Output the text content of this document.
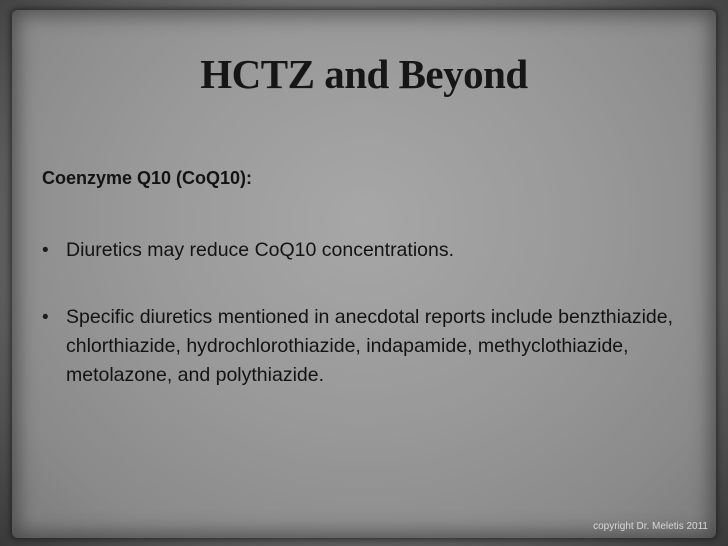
HCTZ and Beyond
Coenzyme Q10 (CoQ10):
• Diuretics may reduce CoQ10 concentrations.
• Specific diuretics mentioned in anecdotal reports include benzthiazide, chlorthiazide, hydrochlorothiazide, indapamide, methyclothiazide, metolazone, and polythiazide.
copyright Dr. Meletis 2011
